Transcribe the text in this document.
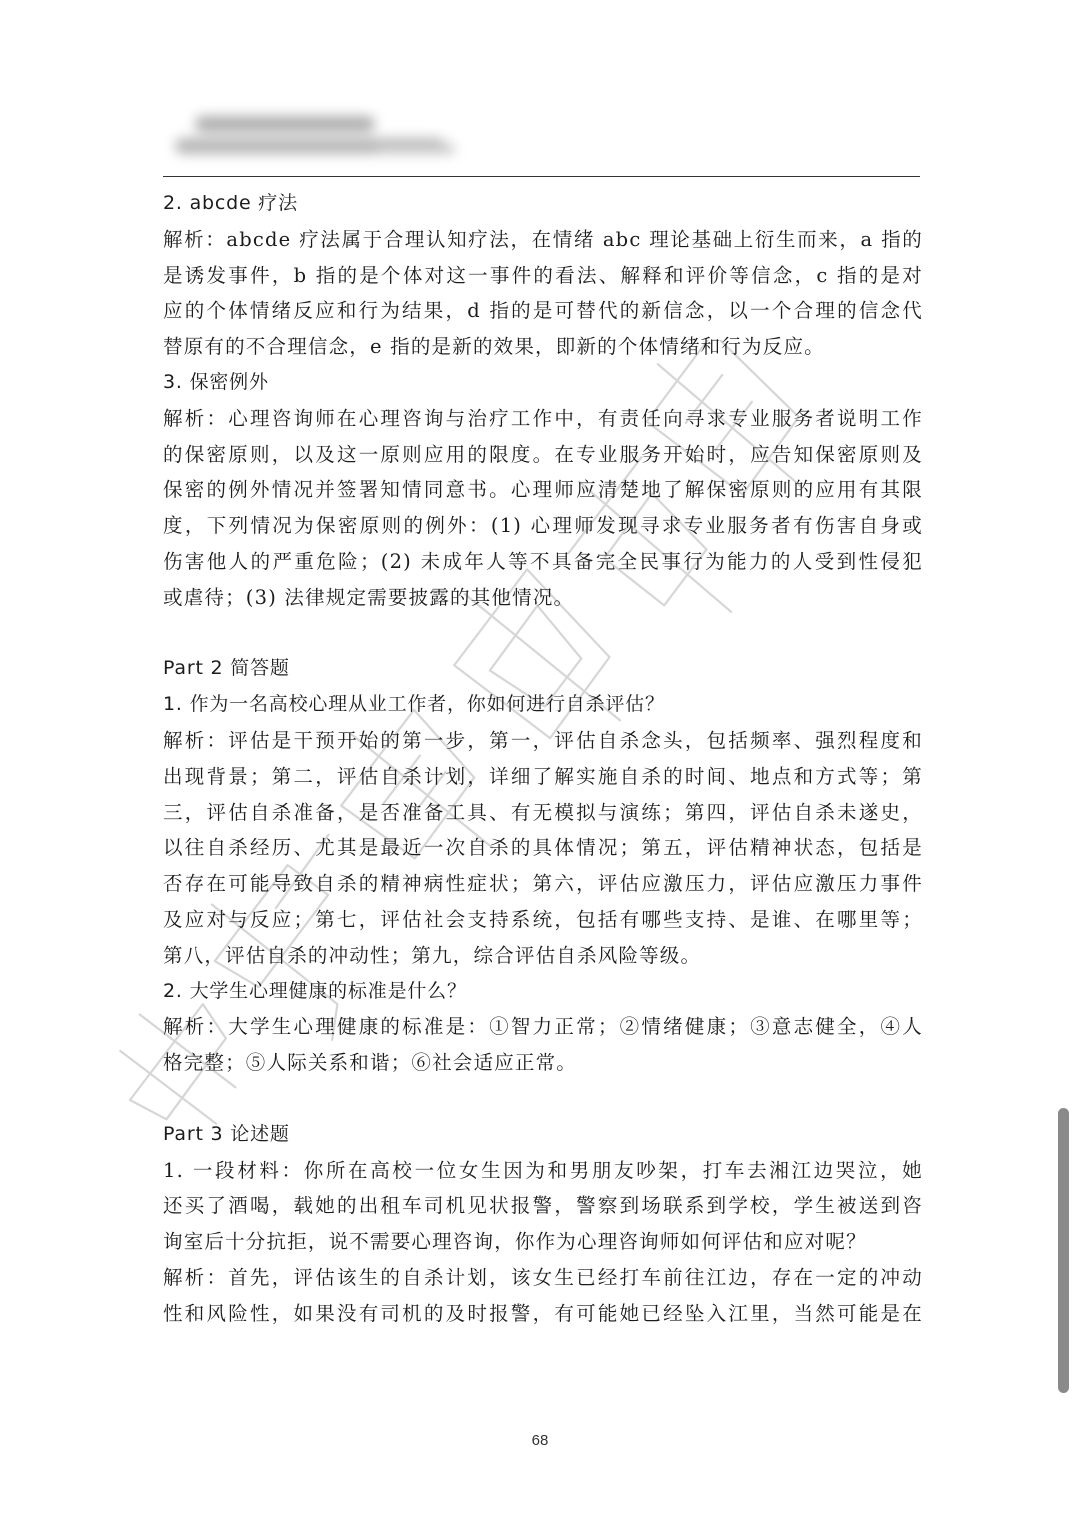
2. abcde 疗法
解析：abcde 疗法属于合理认知疗法，在情绪 abc 理论基础上衍生而来，a 指的
是诱发事件，b 指的是个体对这一事件的看法、解释和评价等信念，c 指的是对
应的个体情绪反应和行为结果，d 指的是可替代的新信念，以一个合理的信念代
替原有的不合理信念，e 指的是新的效果，即新的个体情绪和行为反应。
3. 保密例外
解析：心理咨询师在心理咨询与治疗工作中，有责任向寻求专业服务者说明工作
的保密原则，以及这一原则应用的限度。在专业服务开始时，应告知保密原则及
保密的例外情况并签署知情同意书。心理师应清楚地了解保密原则的应用有其限
度，下列情况为保密原则的例外：(1) 心理师发现寻求专业服务者有伤害自身或
伤害他人的严重危险；(2) 未成年人等不具备完全民事行为能力的人受到性侵犯
或虐待；(3) 法律规定需要披露的其他情况。
Part 2 简答题
1. 作为一名高校心理从业工作者，你如何进行自杀评估？
解析：评估是干预开始的第一步，第一，评估自杀念头，包括频率、强烈程度和
出现背景；第二，评估自杀计划，详细了解实施自杀的时间、地点和方式等；第
三，评估自杀准备，是否准备工具、有无模拟与演练；第四，评估自杀未遂史，
以往自杀经历、尤其是最近一次自杀的具体情况；第五，评估精神状态，包括是
否存在可能导致自杀的精神病性症状；第六，评估应激压力，评估应激压力事件
及应对与反应；第七，评估社会支持系统，包括有哪些支持、是谁、在哪里等；
第八，评估自杀的冲动性；第九，综合评估自杀风险等级。
2. 大学生心理健康的标准是什么？
解析：大学生心理健康的标准是：①智力正常；②情绪健康；③意志健全，④人
格完整；⑤人际关系和谐；⑥社会适应正常。
Part 3 论述题
1. 一段材料：你所在高校一位女生因为和男朋友吵架，打车去湘江边哭泣，她
还买了酒喝，载她的出租车司机见状报警，警察到场联系到学校，学生被送到咨
询室后十分抗拒，说不需要心理咨询，你作为心理咨询师如何评估和应对呢？
解析：首先，评估该生的自杀计划，该女生已经打车前往江边，存在一定的冲动
性和风险性，如果没有司机的及时报警，有可能她已经坠入江里，当然可能是在
68
